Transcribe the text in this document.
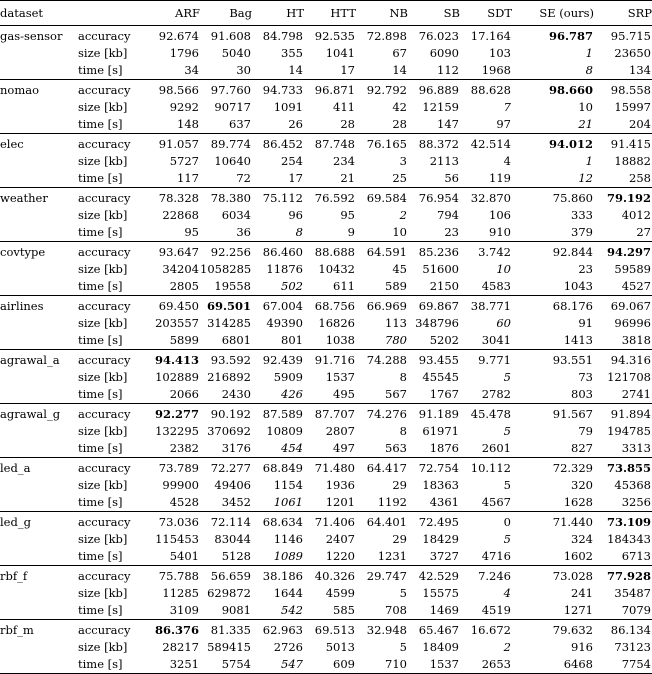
dataset		ARF	Bag	HT	HTT	NB	SB	SDT	SE (ours)	SRP
gas-sensor	accuracy	92.674	91.608	84.798	92.535	72.898	76.023	17.164	96.787	95.715
	size [kb]	1796	5040	355	1041	67	6090	103	1	23650
	time [s]	34	30	14	17	14	112	1968	8	134
nomao	accuracy	98.566	97.760	94.733	96.871	92.792	96.889	88.628	98.660	98.558
	size [kb]	9292	90717	1091	411	42	12159	7	10	15997
	time [s]	148	637	26	28	28	147	97	21	204
elec	accuracy	91.057	89.774	86.452	87.748	76.165	88.372	42.514	94.012	91.415
	size [kb]	5727	10640	254	234	3	2113	4	1	18882
	time [s]	117	72	17	21	25	56	119	12	258
weather	accuracy	78.328	78.380	75.112	76.592	69.584	76.954	32.870	75.860	79.192
	size [kb]	22868	6034	96	95	2	794	106	333	4012
	time [s]	95	36	8	9	10	23	910	379	27
covtype	accuracy	93.647	92.256	86.460	88.688	64.591	85.236	3.742	92.844	94.297
	size [kb]	34204	1058285	11876	10432	45	51600	10	23	59589
	time [s]	2805	19558	502	611	589	2150	4583	1043	4527
airlines	accuracy	69.450	69.501	67.004	68.756	66.969	69.867	38.771	68.176	69.067
	size [kb]	203557	314285	49390	16826	113	348796	60	91	96996
	time [s]	5899	6801	801	1038	780	5202	3041	1413	3818
agrawal_a	accuracy	94.413	93.592	92.439	91.716	74.288	93.455	9.771	93.551	94.316
	size [kb]	102889	216892	5909	1537	8	45545	5	73	121708
	time [s]	2066	2430	426	495	567	1767	2782	803	2741
agrawal_g	accuracy	92.277	90.192	87.589	87.707	74.276	91.189	45.478	91.567	91.894
	size [kb]	132295	370692	10809	2807	8	61971	5	79	194785
	time [s]	2382	3176	454	497	563	1876	2601	827	3313
led_a	accuracy	73.789	72.277	68.849	71.480	64.417	72.754	10.112	72.329	73.855
	size [kb]	99900	49406	1154	1936	29	18363	5	320	45368
	time [s]	4528	3452	1061	1201	1192	4361	4567	1628	3256
led_g	accuracy	73.036	72.114	68.634	71.406	64.401	72.495	0	71.440	73.109
	size [kb]	115453	83044	1146	2407	29	18429	5	324	184343
	time [s]	5401	5128	1089	1220	1231	3727	4716	1602	6713
rbf_f	accuracy	75.788	56.659	38.186	40.326	29.747	42.529	7.246	73.028	77.928
	size [kb]	11285	629872	1644	4599	5	15575	4	241	35487
	time [s]	3109	9081	542	585	708	1469	4519	1271	7079
rbf_m	accuracy	86.376	81.335	62.963	69.513	32.948	65.467	16.672	79.632	86.134
	size [kb]	28217	589415	2726	5013	5	18409	2	916	73123
	time [s]	3251	5754	547	609	710	1537	2653	6468	7754
